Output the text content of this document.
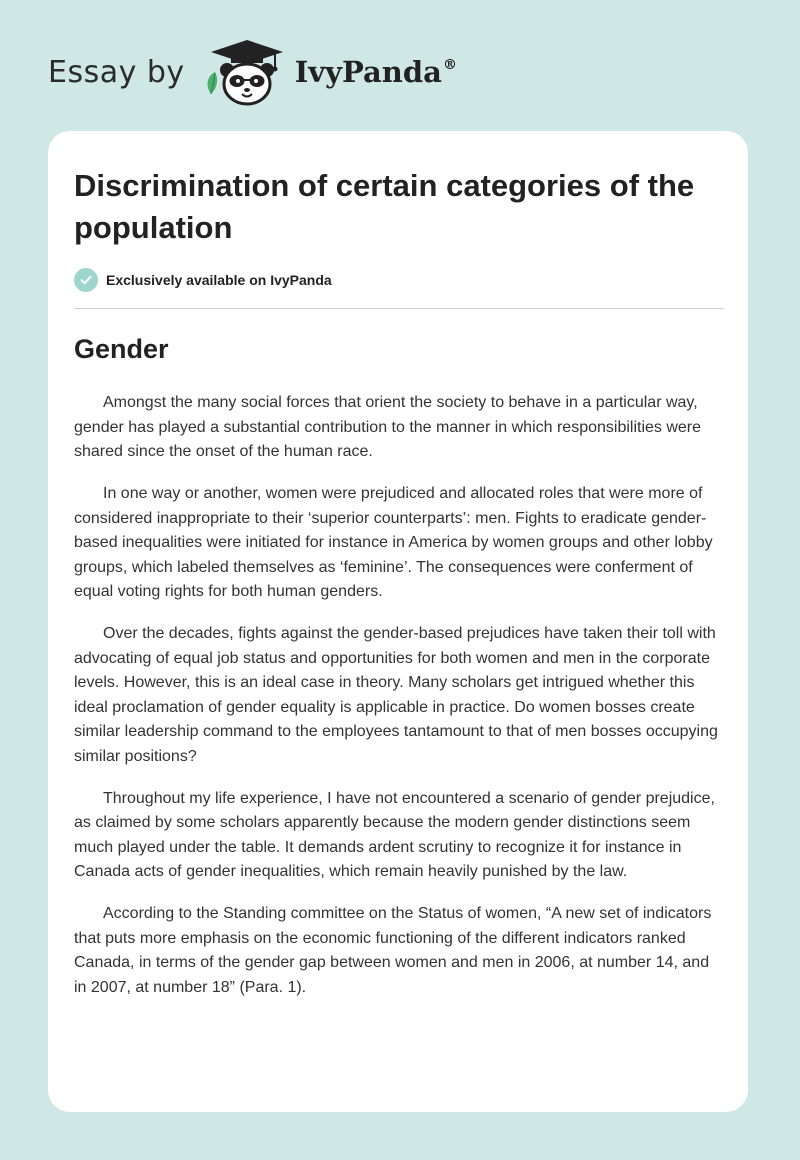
Essay by	IvyPanda®
Discrimination of certain categories of the population
Exclusively available on IvyPanda
Gender

Amongst the many social forces that orient the society to behave in a particular way, gender has played a substantial contribution to the manner in which responsibilities were shared since the onset of the human race.

In one way or another, women were prejudiced and allocated roles that were more of considered inappropriate to their ‘superior counterparts’: men. Fights to eradicate gender-based inequalities were initiated for instance in America by women groups and other lobby groups, which labeled themselves as ‘feminine’. The consequences were conferment of equal voting rights for both human genders.

Over the decades, fights against the gender-based prejudices have taken their toll with advocating of equal job status and opportunities for both women and men in the corporate levels. However, this is an ideal case in theory. Many scholars get intrigued whether this ideal proclamation of gender equality is applicable in practice. Do women bosses create similar leadership command to the employees tantamount to that of men bosses occupying similar positions?

Throughout my life experience, I have not encountered a scenario of gender prejudice, as claimed by some scholars apparently because the modern gender distinctions seem much played under the table. It demands ardent scrutiny to recognize it for instance in Canada acts of gender inequalities, which remain heavily punished by the law.

According to the Standing committee on the Status of women, “A new set of indicators that puts more emphasis on the economic functioning of the different indicators ranked Canada, in terms of the gender gap between women and men in 2006, at number 14, and in 2007, at number 18” (Para. 1).
